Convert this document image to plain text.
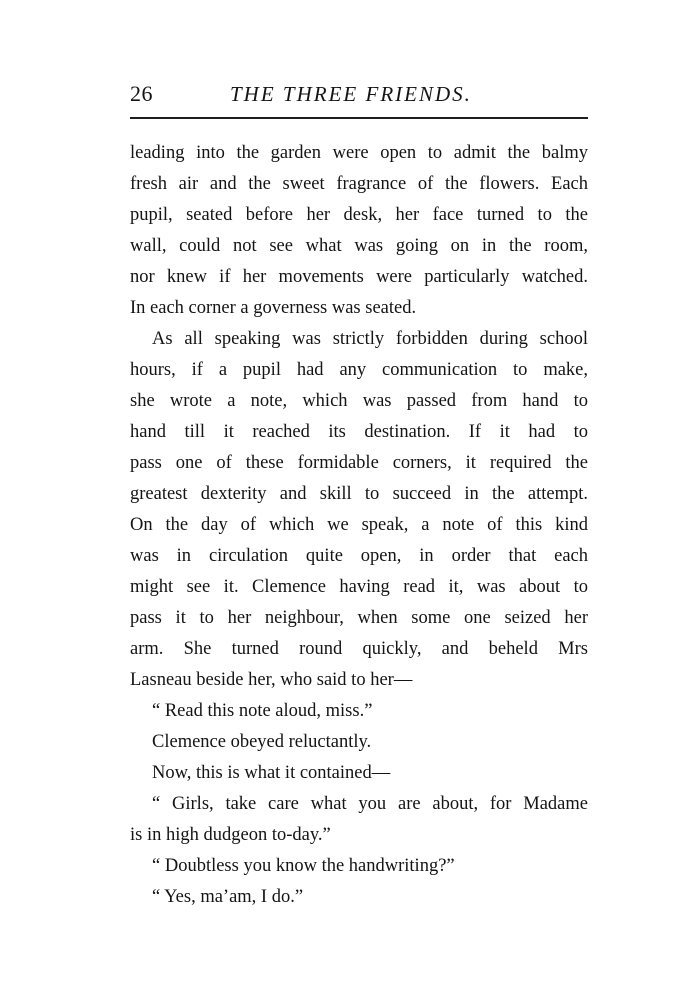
26	THE THREE FRIENDS.
leading into the garden were open to admit the balmy
fresh air and the sweet fragrance of the flowers. Each
pupil, seated before her desk, her face turned to the
wall, could not see what was going on in the room,
nor knew if her movements were particularly watched.
In each corner a governess was seated.
As all speaking was strictly forbidden during school
hours, if a pupil had any communication to make,
she wrote a note, which was passed from hand to
hand till it reached its destination. If it had to
pass one of these formidable corners, it required the
greatest dexterity and skill to succeed in the attempt.
On the day of which we speak, a note of this kind
was in circulation quite open, in order that each
might see it. Clemence having read it, was about to
pass it to her neighbour, when some one seized her
arm. She turned round quickly, and beheld Mrs
Lasneau beside her, who said to her—
“ Read this note aloud, miss.”
Clemence obeyed reluctantly.
Now, this is what it contained—
“ Girls, take care what you are about, for Madame
is in high dudgeon to-day.”
“ Doubtless you know the handwriting?”
“ Yes, ma’am, I do.”
